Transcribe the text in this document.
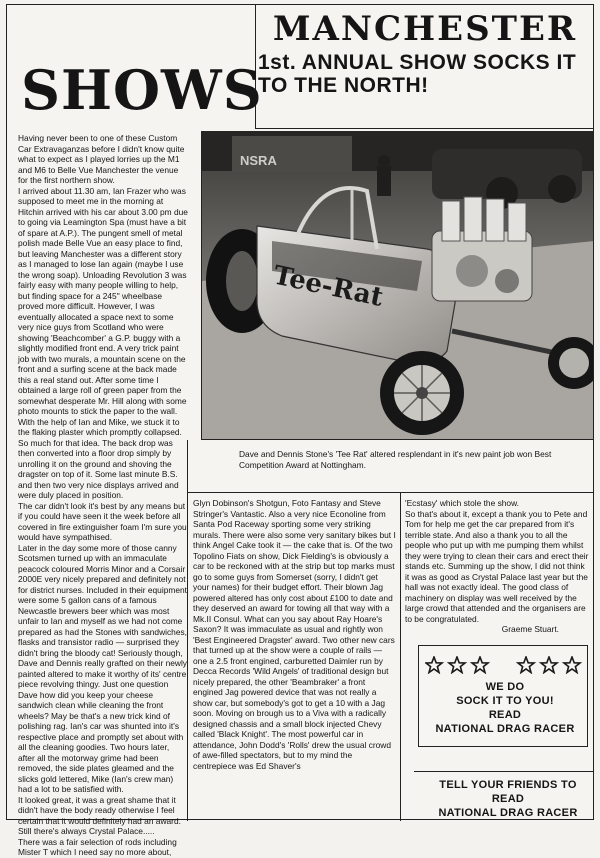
MANCHESTER
1st. ANNUAL SHOW SOCKS IT TO THE NORTH!
SHOWS
NSRA
Tee-Rat
Dave and Dennis Stone's 'Tee Rat' altered resplendant in it's new paint job won Best Competition Award at Nottingham.

Having never been to one of these Custom Car Extravaganzas before I didn't know quite what to expect as I played lorries up the M1 and M6 to Belle Vue Manchester the venue for the first northern show.

I arrived about 11.30 am, Ian Frazer who was supposed to meet me in the morning at Hitchin arrived with his car about 3.00 pm due to going via Leamington Spa (must have a bit of spare at A.P.). The pungent smell of metal polish made Belle Vue an easy place to find, but leaving Manchester was a different story as I managed to lose Ian again (maybe I use the wrong soap). Unloading Revolution 3 was fairly easy with many people willing to help, but finding space for a 245" wheelbase proved more difficult. However, I was eventually allocated a space next to some very nice guys from Scotland who were showing 'Beachcomber' a G.P. buggy with a slightly modified front end. A very trick paint job with two murals, a mountain scene on the front and a surfing scene at the back made this a real stand out. After some time I obtained a large roll of green paper from the somewhat desperate Mr. Hill along with some photo mounts to stick the paper to the wall. With the help of Ian and Mike, we stuck it to the flaking plaster which promptly collapsed. So much for that idea. The back drop was then converted into a floor drop simply by unrolling it on the ground and shoving the dragster on top of it. Some last minute B.S. and then two very nice displays arrived and were duly placed in position.

The car didn't look it's best by any means but if you could have seen it the week before all covered in fire extinguisher foam I'm sure you would have sympathised.

Later in the day some more of those canny Scotsmen turned up with an immaculate peacock coloured Morris Minor and a Corsair 2000E very nicely prepared and definitely not for district nurses. Included in their equipment were some 5 gallon cans of a famous Newcastle brewers beer which was most unfair to Ian and myself as we had not come prepared as had the Stones with sandwiches, flasks and transistor radio — surprised they didn't bring the bloody cat! Seriously though, Dave and Dennis really grafted on their newly painted altered to make it worthy of its' centre piece revolving thingy. Just one question Dave how did you keep your cheese sandwich clean while cleaning the front wheels? May be that's a new trick kind of polishing rag. Ian's car was shunted into it's respective place and promptly set about with all the cleaning goodies. Two hours later, after all the motorway grime had been removed, the side plates gleamed and the slicks gold lettered, Mike (Ian's crew man) had a lot to be satisfied with.

It looked great, it was a great shame that it didn't have the body ready otherwise I feel certain that it would definitely had an award. Still there's always Crystal Palace.....

There was a fair selection of rods including Mister T which I need say no more about,

Glyn Dobinson's Shotgun, Foto Fantasy and Steve Stringer's Vantastic. Also a very nice Econoline from Santa Pod Raceway sporting some very striking murals. There were also some very sanitary bikes but I think Angel Cake took it — the cake that is. Of the two Topolino Fiats on show, Dick Fielding's is obviously a car to be reckoned with at the strip but top marks must go to some guys from Somerset (sorry, I didn't get your names) for their budget effort. Their blown Jag powered altered has only cost about £100 to date and they deserved an award for towing all that way with a Mk.II Consul. What can you say about Ray Hoare's Saxon? It was immaculate as usual and rightly won 'Best Engineered Dragster' award. Two other new cars that turned up at the show were a couple of rails — one a 2.5 front engined, carburetted Daimler run by Decca Records 'Wild Angels' of traditional design but nicely prepared, the other 'Beambraker' a front engined Jag powered device that was not really a show car, but somebody's got to get a 10 with a Jag soon. Moving on brough us to a Viva with a radically designed chassis and a small block injected Chevy called 'Black Knight'. The most powerful car in attendance, John Dodd's 'Rolls' drew the usual crowd of awe-filled spectators, but to my mind the centrepiece was Ed Shaver's

'Ecstasy' which stole the show.

So that's about it, except a thank you to Pete and Tom for help me get the car prepared from it's terrible state. And also a thank you to all the people who put up with me pumping them whilst they were trying to clean their cars and erect their stands etc. Summing up the show, I did not think it was as good as Crystal Palace last year but the hall was not exactly ideal. The good class of machinery on display was well received by the large crowd that attended and the organisers are to be congratulated.

Graeme Stuart.
WE DO
SOCK IT TO YOU!
READ
NATIONAL DRAG RACER
TELL YOUR FRIENDS TO READ
NATIONAL DRAG RACER
